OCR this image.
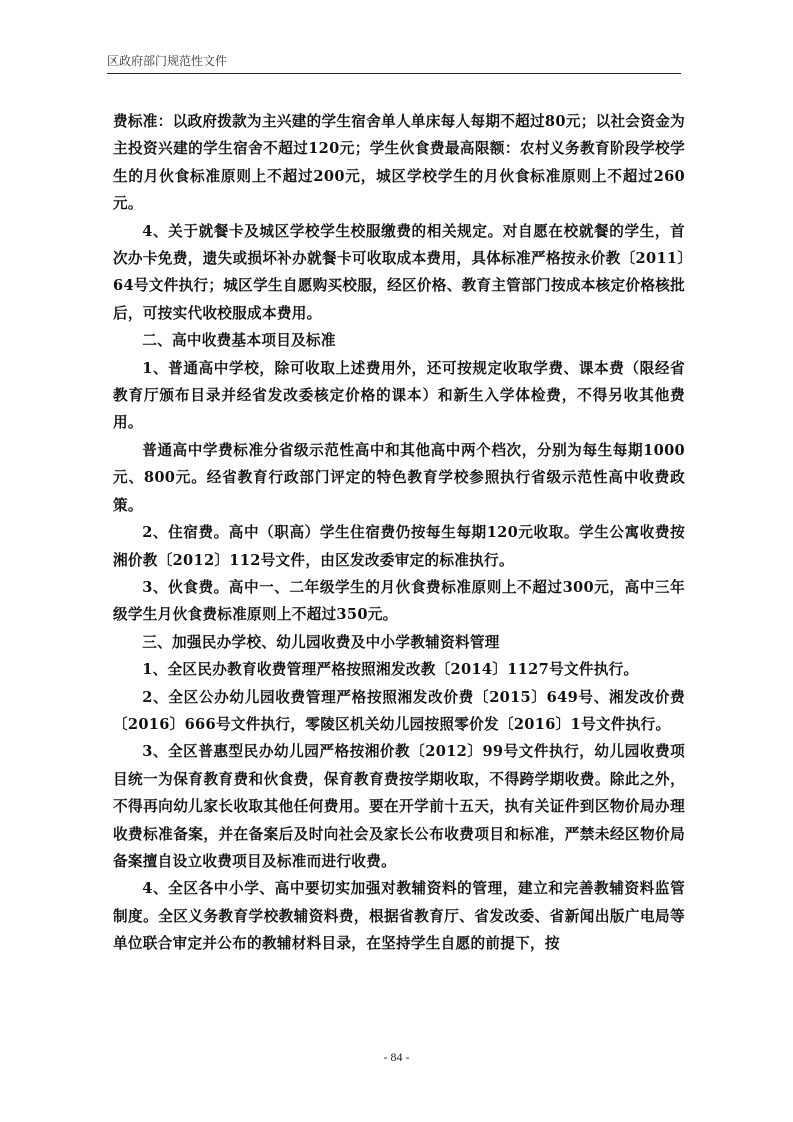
区政府部门规范性文件

费标准：以政府拨款为主兴建的学生宿舍单人单床每人每期不超过80元；以社会资金为主投资兴建的学生宿舍不超过120元；学生伙食费最高限额：农村义务教育阶段学校学生的月伙食标准原则上不超过200元，城区学校学生的月伙食标准原则上不超过260元。

4、关于就餐卡及城区学校学生校服缴费的相关规定。对自愿在校就餐的学生，首次办卡免费，遗失或损坏补办就餐卡可收取成本费用，具体标准严格按永价教〔2011〕64号文件执行；城区学生自愿购买校服，经区价格、教育主管部门按成本核定价格核批后，可按实代收校服成本费用。

二、高中收费基本项目及标准

1、普通高中学校，除可收取上述费用外，还可按规定收取学费、课本费（限经省教育厅颁布目录并经省发改委核定价格的课本）和新生入学体检费，不得另收其他费用。

普通高中学费标准分省级示范性高中和其他高中两个档次，分别为每生每期1000元、800元。经省教育行政部门评定的特色教育学校参照执行省级示范性高中收费政策。

2、住宿费。高中（职高）学生住宿费仍按每生每期120元收取。学生公寓收费按湘价教〔2012〕112号文件，由区发改委审定的标准执行。

3、伙食费。高中一、二年级学生的月伙食费标准原则上不超过300元，高中三年级学生月伙食费标准原则上不超过350元。

三、加强民办学校、幼儿园收费及中小学教辅资料管理

1、全区民办教育收费管理严格按照湘发改教〔2014〕1127号文件执行。

2、全区公办幼儿园收费管理严格按照湘发改价费〔2015〕649号、湘发改价费〔2016〕666号文件执行，零陵区机关幼儿园按照零价发〔2016〕1号文件执行。

3、全区普惠型民办幼儿园严格按湘价教〔2012〕99号文件执行，幼儿园收费项目统一为保育教育费和伙食费，保育教育费按学期收取，不得跨学期收费。除此之外，不得再向幼儿家长收取其他任何费用。要在开学前十五天，执有关证件到区物价局办理收费标准备案，并在备案后及时向社会及家长公布收费项目和标准，严禁未经区物价局备案擅自设立收费项目及标准而进行收费。

4、全区各中小学、高中要切实加强对教辅资料的管理，建立和完善教辅资料监管制度。全区义务教育学校教辅资料费，根据省教育厅、省发改委、省新闻出版广电局等单位联合审定并公布的教辅材料目录，在坚持学生自愿的前提下，按

- 84 -
